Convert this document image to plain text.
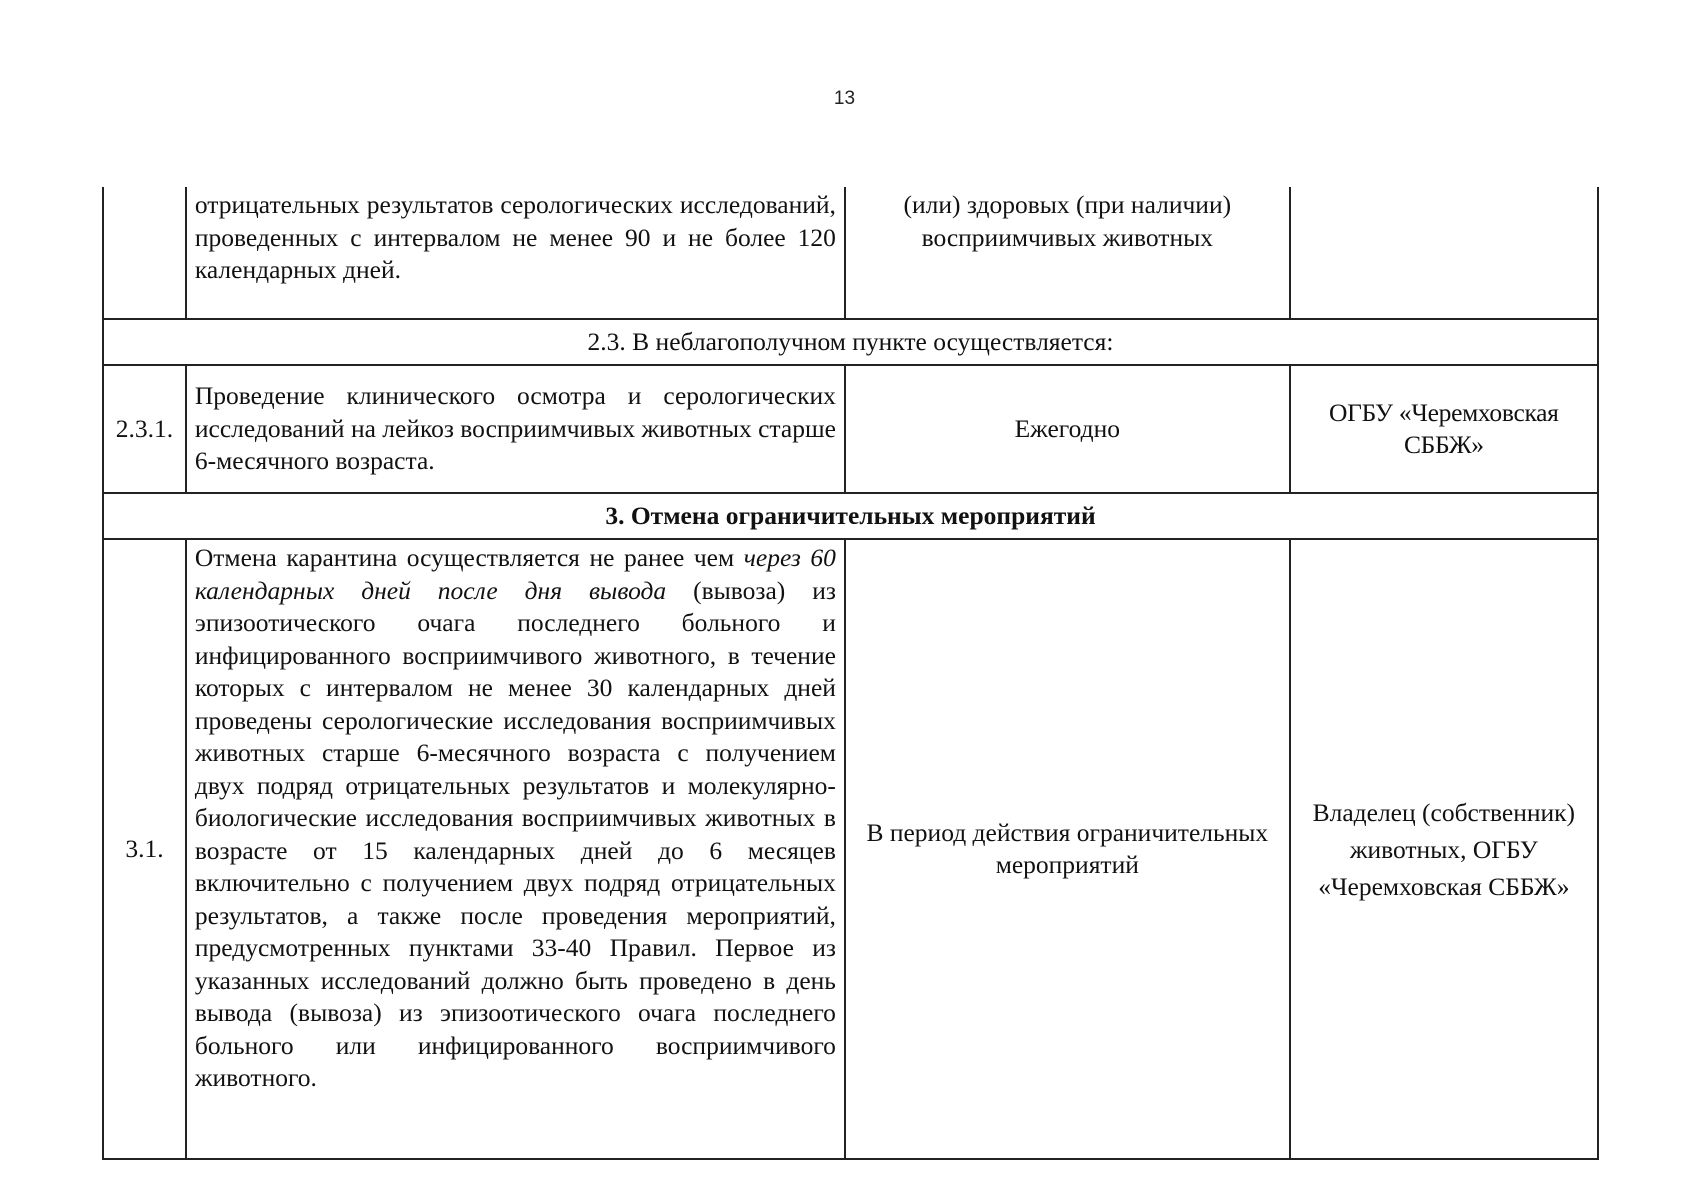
13
	отрицательных результатов серологических исследований, проведенных с интервалом не менее 90 и не более 120 календарных дней.	(или) здоровых (при наличии) восприимчивых животных	
2.3. В неблагополучном пункте осуществляется:			
2.3.1.	Проведение клинического осмотра и серологических исследований на лейкоз восприимчивых животных старше 6-месячного возраста.	Ежегодно	ОГБУ «Черемховская СББЖ»
3. Отмена ограничительных мероприятий			
3.1.	Отмена карантина осуществляется не ранее чем через 60 календарных дней после дня вывода (вывоза) из эпизоотического очага последнего больного и инфицированного восприимчивого животного, в течение которых с интервалом не менее 30 календарных дней проведены серологические исследования восприимчивых животных старше 6-месячного возраста с получением двух подряд отрицательных результатов и молекулярно-биологические исследования восприимчивых животных в возрасте от 15 календарных дней до 6 месяцев включительно с получением двух подряд отрицательных результатов, а также после проведения мероприятий, предусмотренных пунктами 33-40 Правил. Первое из указанных исследований должно быть проведено в день вывода (вывоза) из эпизоотического очага последнего больного или инфицированного восприимчивого животного.	В период действия ограничительных мероприятий	Владелец (собственник) животных, ОГБУ «Черемховская СББЖ»
